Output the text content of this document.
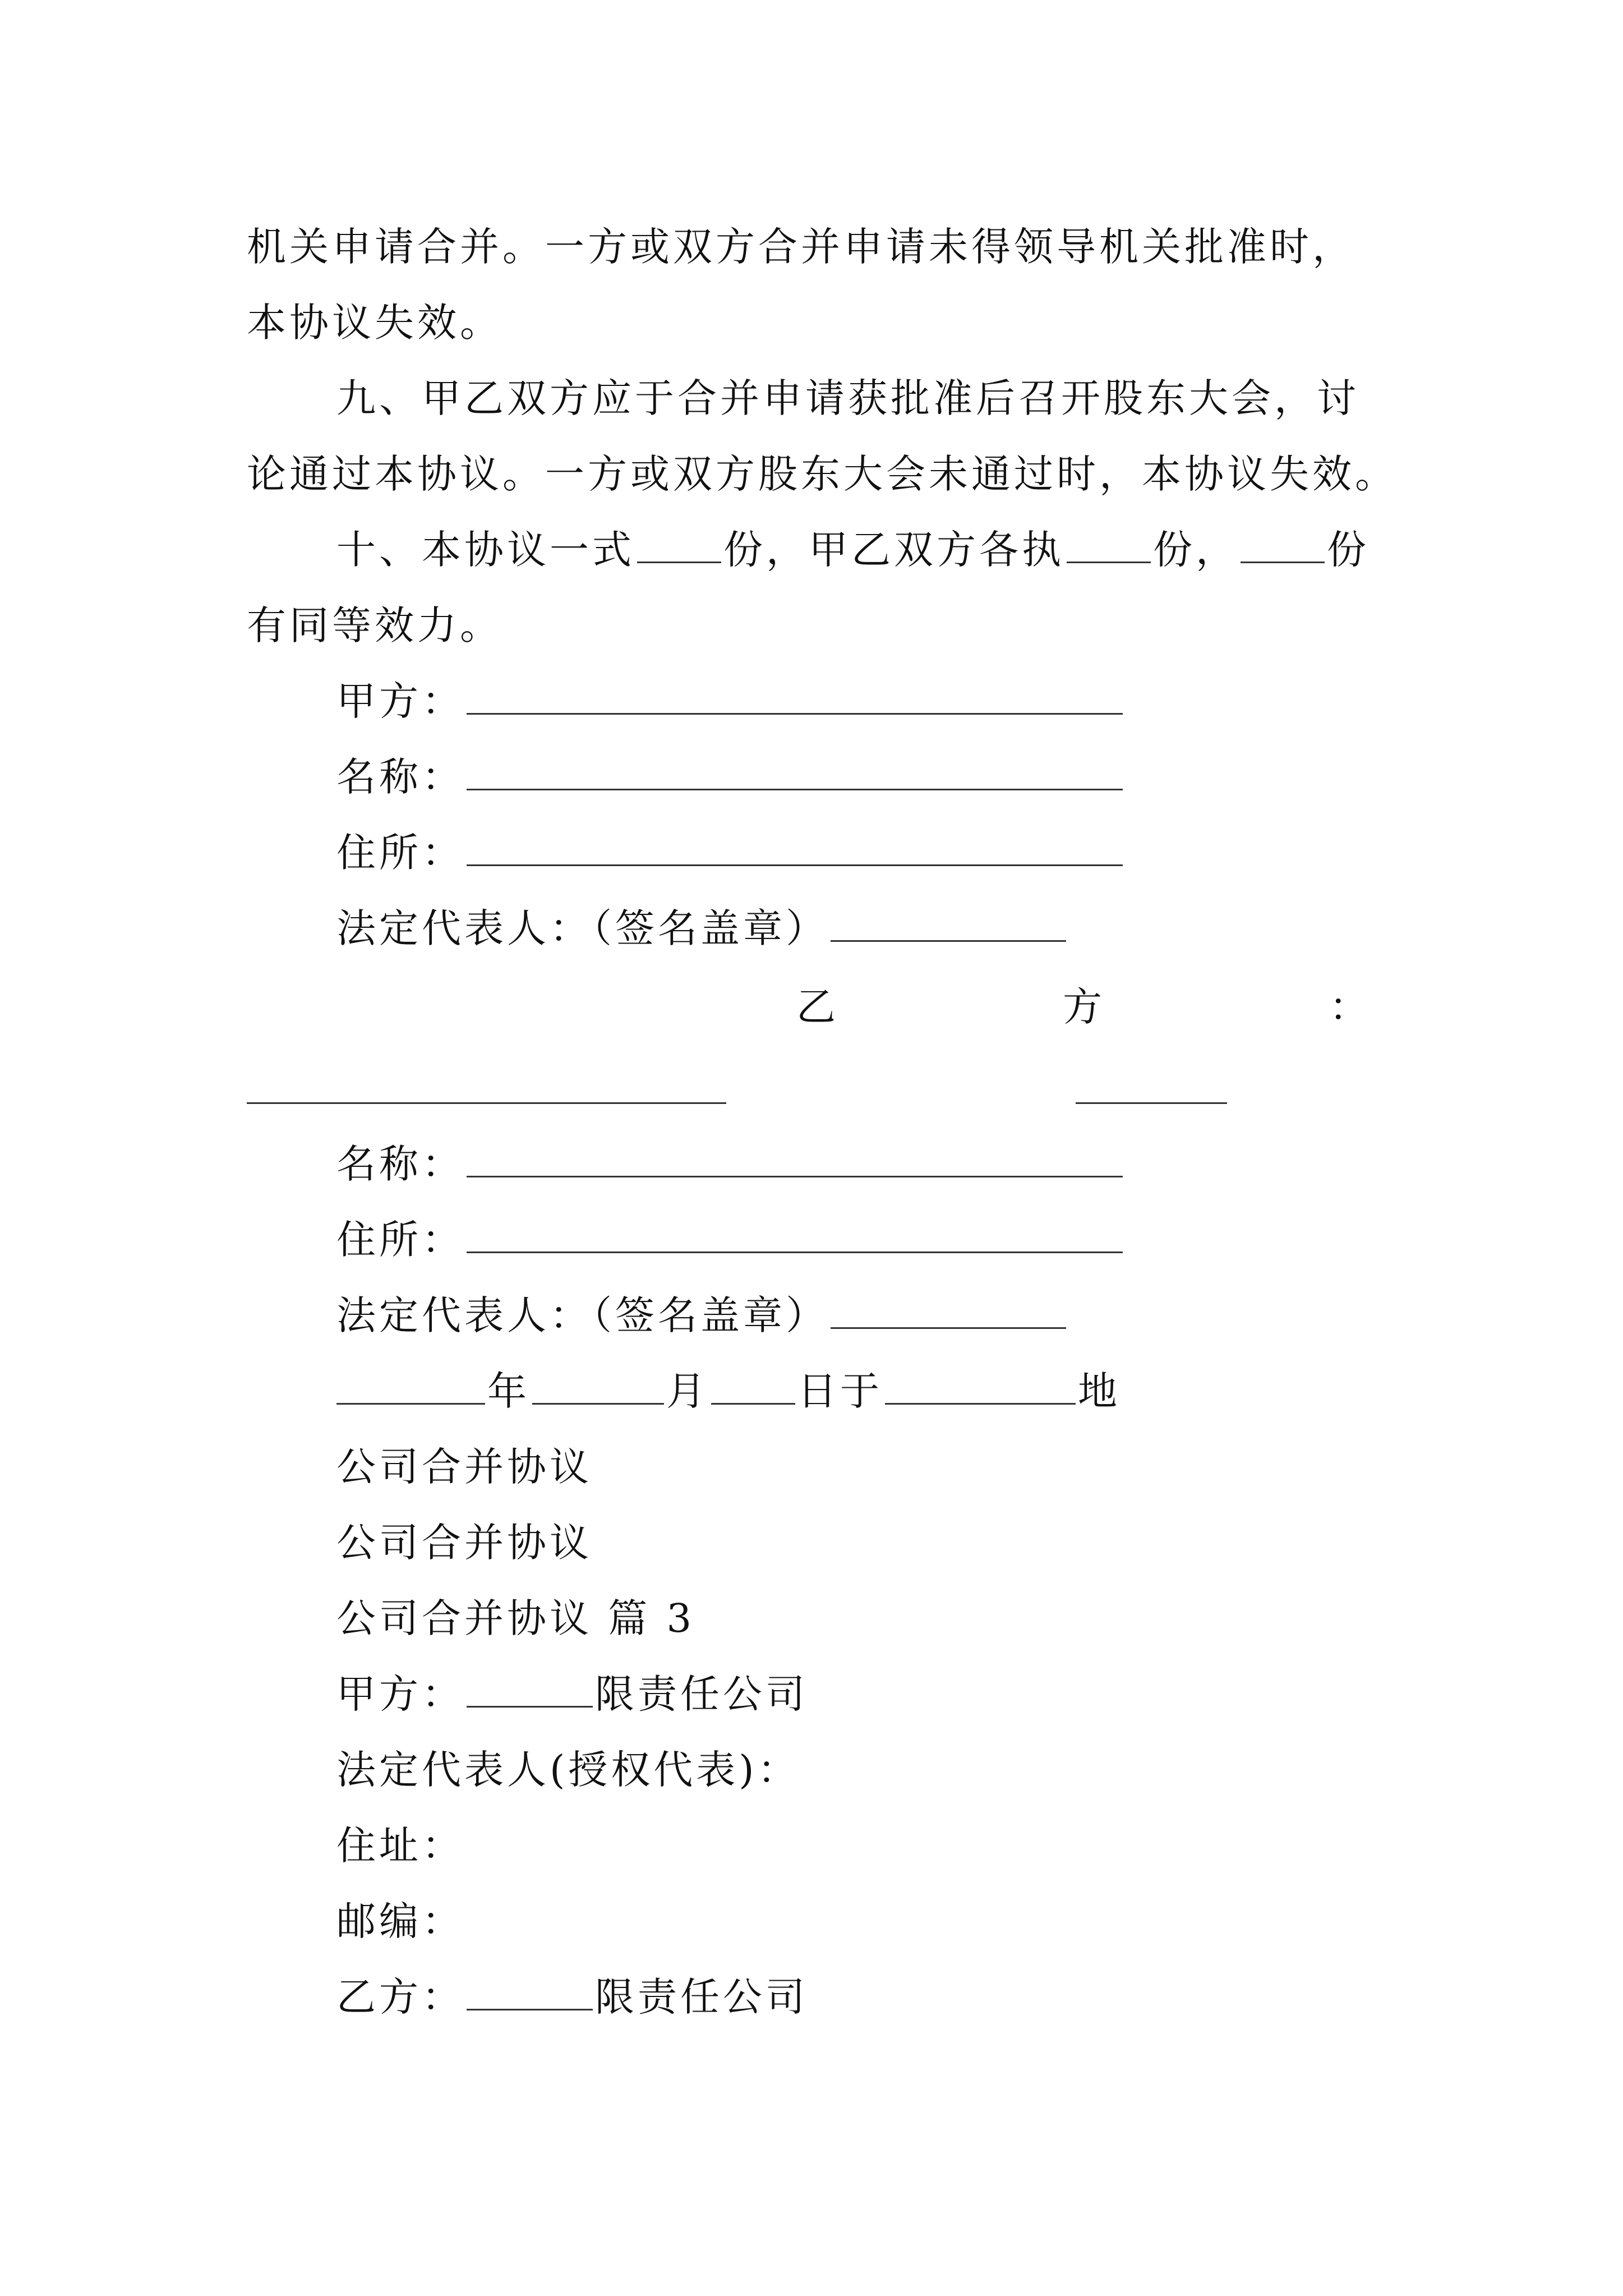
机关申请合并。一方或双方合并申请未得领导机关批准时，
本协议失效。
九、甲乙双方应于合并申请获批准后召开股东大会，讨
论通过本协议。一方或双方股东大会未通过时，本协议失效。
十、本协议一式 份，甲乙双方各执 份， 份
有同等效力。
甲方：
名称：
住所：
法定代表人：（签名盖章）
乙	方	：
名称：
住所：
法定代表人：（签名盖章）
年	月 日于	地
公司合并协议
公司合并协议
公司合并协议 篇 3
甲方：	限责任公司
法定代表人(授权代表)：
住址：
邮编：
乙方：	限责任公司
